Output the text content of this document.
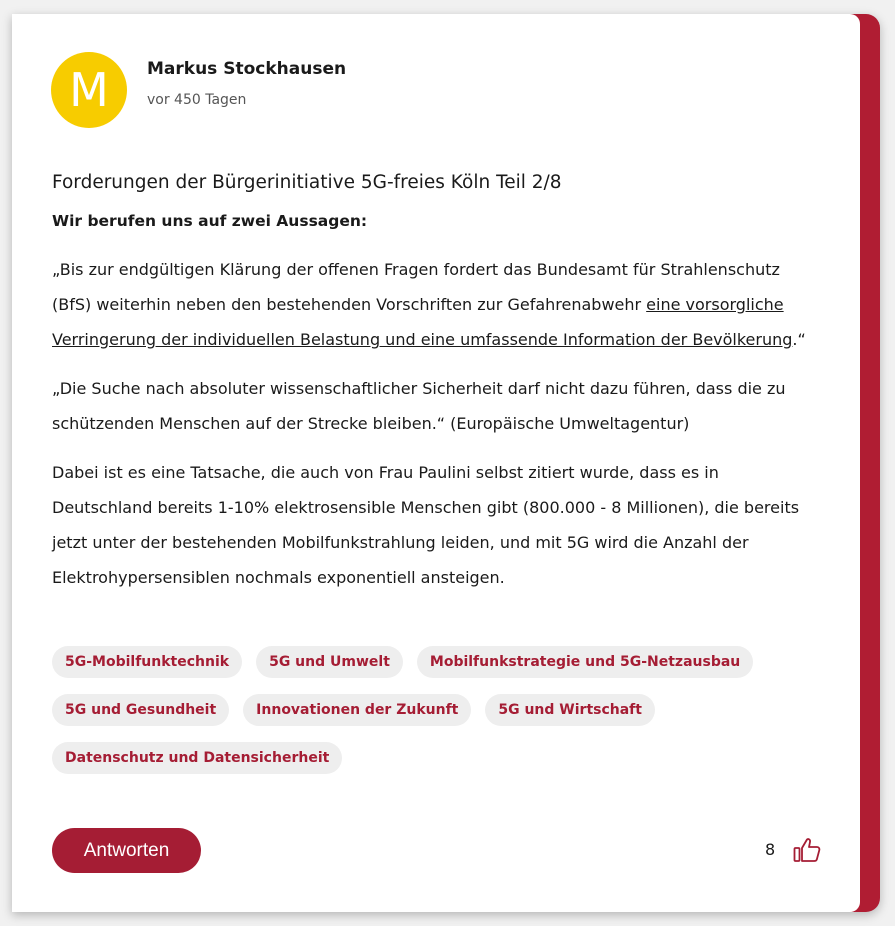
M Markus Stockhausen
vor 450 Tagen
Forderungen der Bürgerinitiative 5G-freies Köln Teil 2/8

Wir berufen uns auf zwei Aussagen:

„Bis zur endgültigen Klärung der offenen Fragen fordert das Bundesamt für Strahlenschutz (BfS) weiterhin neben den bestehenden Vorschriften zur Gefahrenabwehr eine vorsorgliche Verringerung der individuellen Belastung und eine umfassende Information der Bevölkerung.“

„Die Suche nach absoluter wissenschaftlicher Sicherheit darf nicht dazu führen, dass die zu schützenden Menschen auf der Strecke bleiben.“ (Europäische Umweltagentur)

Dabei ist es eine Tatsache, die auch von Frau Paulini selbst zitiert wurde, dass es in Deutschland bereits 1-10% elektrosensible Menschen gibt (800.000 - 8 Millionen), die bereits jetzt unter der bestehenden Mobilfunkstrahlung leiden, und mit 5G wird die Anzahl der Elektrohypersensiblen nochmals exponentiell ansteigen.

5G-Mobilfunktechnik	5G und Umwelt	Mobilfunkstrategie und 5G-Netzausbau
5G und Gesundheit	Innovationen der Zukunft	5G und Wirtschaft
Datenschutz und Datensicherheit
Antworten	8
